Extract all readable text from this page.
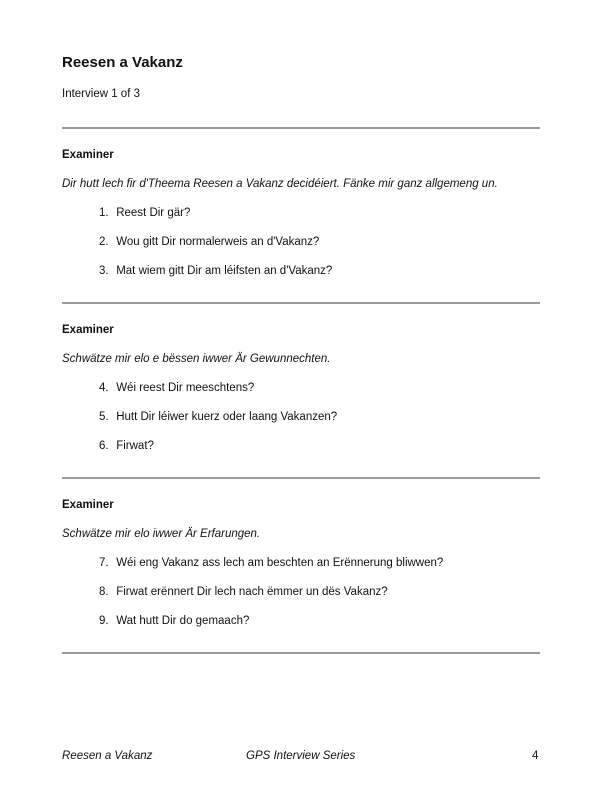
Reesen a Vakanz

Interview 1 of 3

Examiner

Dir hutt lech fir d'Theema Reesen a Vakanz decidéiert. Fänke mir ganz allgemeng un.

1. Reest Dir gär?
2. Wou gitt Dir normalerweis an d'Vakanz?
3. Mat wiem gitt Dir am léifsten an d'Vakanz?

Examiner

Schwätze mir elo e bëssen iwwer Är Gewunnechten.

4. Wéi reest Dir meeschtens?
5. Hutt Dir léiwer kuerz oder laang Vakanzen?
6. Firwat?

Examiner

Schwätze mir elo iwwer Är Erfarungen.

7. Wéi eng Vakanz ass lech am beschten an Erënnerung bliwwen?
8. Firwat erënnert Dir lech nach ëmmer un dës Vakanz?
9. Wat hutt Dir do gemaach?

Reesen a Vakanz	GPS Interview Series	4
